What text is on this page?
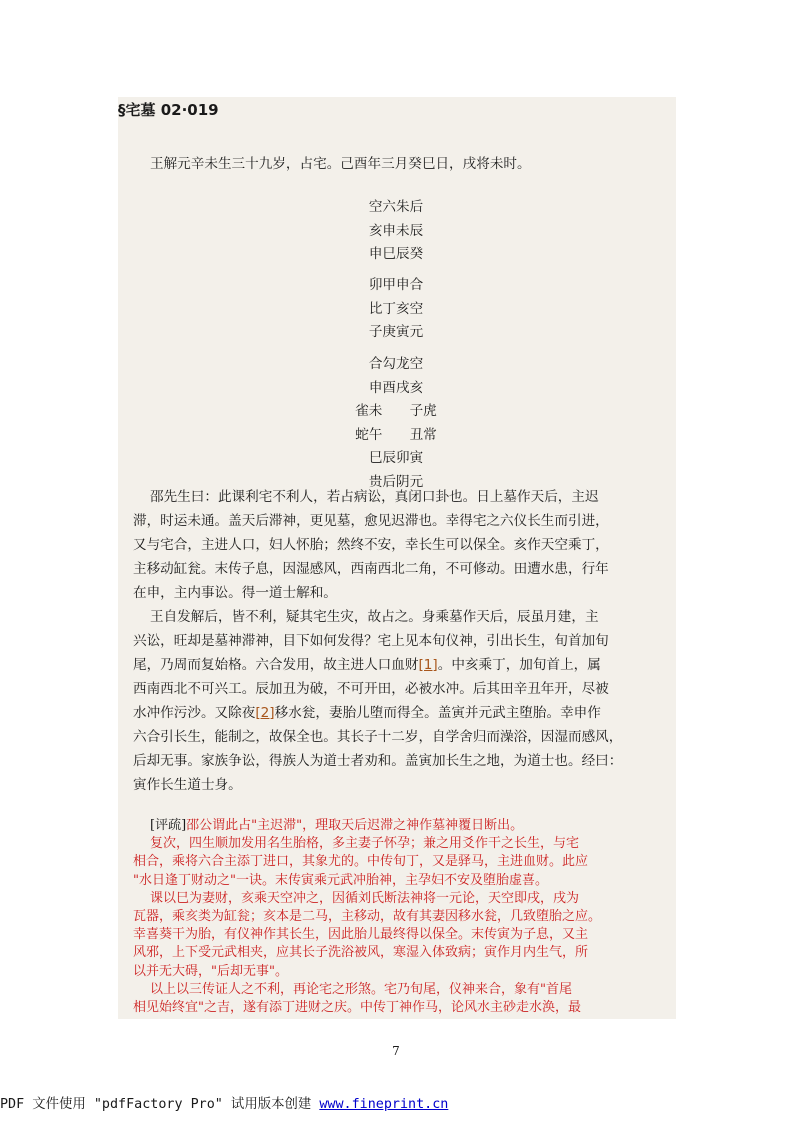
§宅墓 02·019
王解元辛未生三十九岁，占宅。己酉年三月癸巳日，戌将未时。
空六朱后
亥申未辰
申巳辰癸
卯甲申合
比丁亥空
子庚寅元
合勾龙空
申酉戌亥
雀未　　子虎
蛇午　　丑常
巳辰卯寅
贵后阴元
邵先生曰：此课利宅不利人，若占病讼，真闭口卦也。日上墓作天后，主迟
滞，时运未通。盖天后滞神，更见墓，愈见迟滞也。幸得宅之六仪长生而引进，
又与宅合，主进人口，妇人怀胎；然终不安，幸长生可以保全。亥作天空乘丁，
主移动缸瓮。末传子息，因湿感风，西南西北二角，不可修动。田遭水患，行年
在申，主内事讼。得一道士解和。
王自发解后，皆不利，疑其宅生灾，故占之。身乘墓作天后，辰虽月建，主
兴讼，旺却是墓神滞神，目下如何发得？宅上见本旬仪神，引出长生，旬首加旬
尾，乃周而复始格。六合发用，故主进人口血财[1]。中亥乘丁，加旬首上，属
西南西北不可兴工。辰加丑为破，不可开田，必被水冲。后其田辛丑年开，尽被
水冲作污沙。又除夜[2]移水瓮，妻胎儿堕而得全。盖寅并元武主堕胎。幸申作
六合引长生，能制之，故保全也。其长子十二岁，自学舍归而澡浴，因湿而感风，
后却无事。家族争讼，得族人为道士者劝和。盖寅加长生之地，为道士也。经曰：
寅作长生道士身。
[评疏]邵公谓此占"主迟滞"，理取天后迟滞之神作墓神覆日断出。
复次，四生顺加发用名生胎格，多主妻子怀孕；兼之用爻作干之长生，与宅
相合，乘将六合主添丁进口，其象尤的。中传旬丁，又是驿马，主进血财。此应
"水日逢丁财动之"一诀。末传寅乘元武冲胎神，主孕妇不安及堕胎虚喜。
课以巳为妻财，亥乘天空冲之，因循刘氏断法神将一元论，天空即戌，戌为
瓦器，乘亥类为缸瓮；亥本是二马，主移动，故有其妻因移水瓮，几致堕胎之应。
幸喜葵干为胎，有仪神作其长生，因此胎儿最终得以保全。末传寅为子息，又主
风邪，上下受元武相夹，应其长子洗浴被风，寒湿入体致病；寅作月内生气，所
以并无大碍，"后却无事"。
以上以三传证人之不利，再论宅之形煞。宅乃旬尾，仪神来合，象有"首尾
相见始终宜"之吉，遂有添丁进财之庆。中传丁神作马，论风水主砂走水涣，最
7
PDF 文件使用 "pdfFactory Pro" 试用版本创建 www.fineprint.cn
